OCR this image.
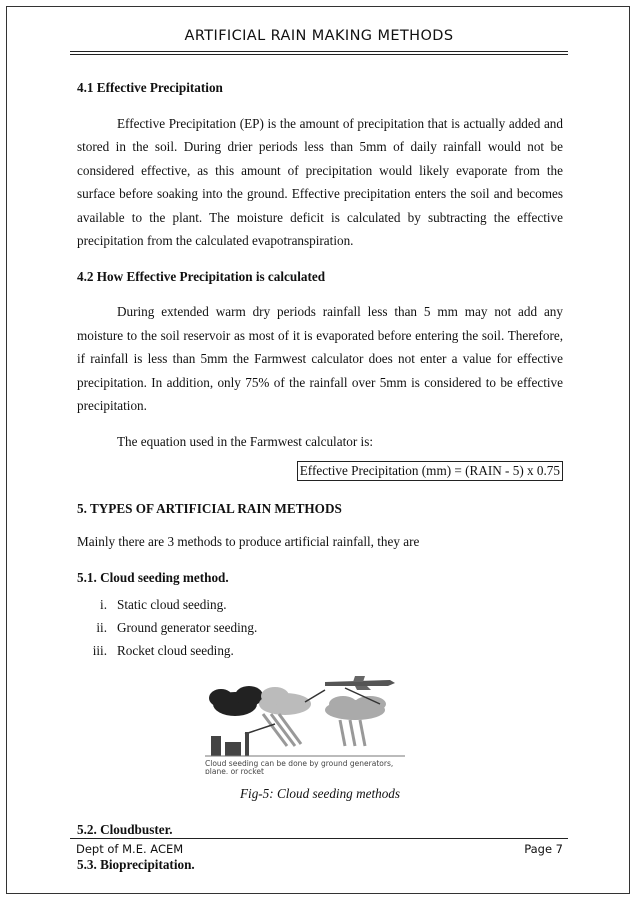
ARTIFICIAL RAIN MAKING METHODS
4.1 Effective Precipitation
Effective Precipitation (EP) is the amount of precipitation that is actually added and stored in the soil. During drier periods less than 5mm of daily rainfall would not be considered effective, as this amount of precipitation would likely evaporate from the surface before soaking into the ground. Effective precipitation enters the soil and becomes available to the plant. The moisture deficit is calculated by subtracting the effective precipitation from the calculated evapotranspiration.
4.2 How Effective Precipitation is calculated
During extended warm dry periods rainfall less than 5 mm may not add any moisture to the soil reservoir as most of it is evaporated before entering the soil. Therefore, if rainfall is less than 5mm the Farmwest calculator does not enter a value for effective precipitation. In addition, only 75% of the rainfall over 5mm is considered to be effective precipitation.
The equation used in the Farmwest calculator is:
Effective Precipitation (mm) = (RAIN - 5) x 0.75
5. TYPES OF ARTIFICIAL RAIN METHODS
Mainly there are 3 methods to produce artificial rainfall, they are
5.1. Cloud seeding method.
i. Static cloud seeding.
ii. Ground generator seeding.
iii. Rocket cloud seeding.
Cloud seeding can be done by ground generators,
plane, or rocket
Fig-5: Cloud seeding methods
5.2. Cloudbuster.
5.3. Bioprecipitation.
Dept of M.E. ACEM	Page 7
